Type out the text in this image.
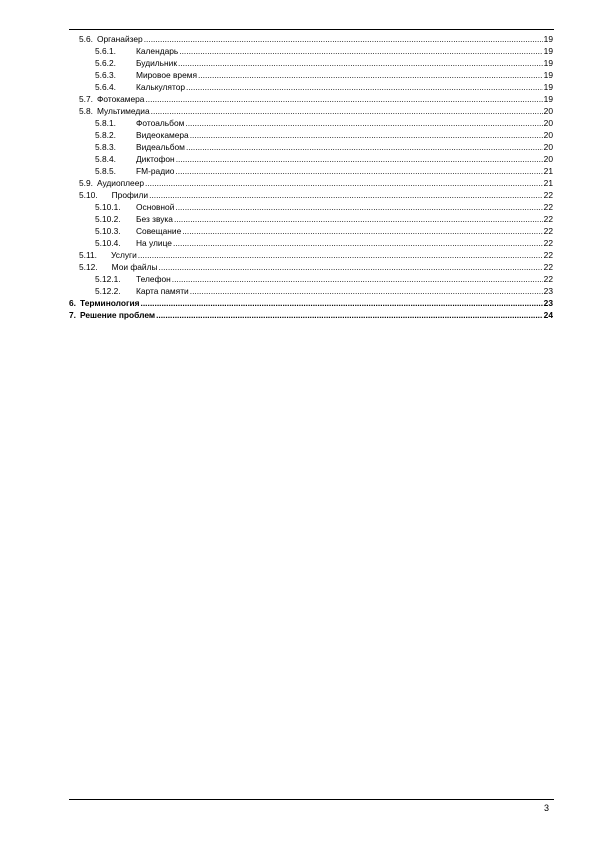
5.6. Органайзер .....	19
5.6.1.	Календарь .....	19
5.6.2.	Будильник .....	19
5.6.3.	Мировое время .....	19
5.6.4.	Калькулятор .....	19
5.7. Фотокамера .....	19
5.8. Мультимедиа .....	20
5.8.1.	Фотоальбом .....	20
5.8.2.	Видеокамера .....	20
5.8.3.	Видеальбом .....	20
5.8.4.	Диктофон .....	20
5.8.5.	FM-радио .....	21
5.9. Аудиоплеер .....	21
5.10. Профили .....	22
5.10.1.	Основной .....	22
5.10.2.	Без звука .....	22
5.10.3.	Совещание .....	22
5.10.4.	На улице .....	22
5.11. Услуги .....	22
5.12. Мои файлы .....	22
5.12.1.	Телефон .....	22
5.12.2.	Карта памяти .....	23
6. Терминология .....	23
7. Решение проблем .....	24
3
